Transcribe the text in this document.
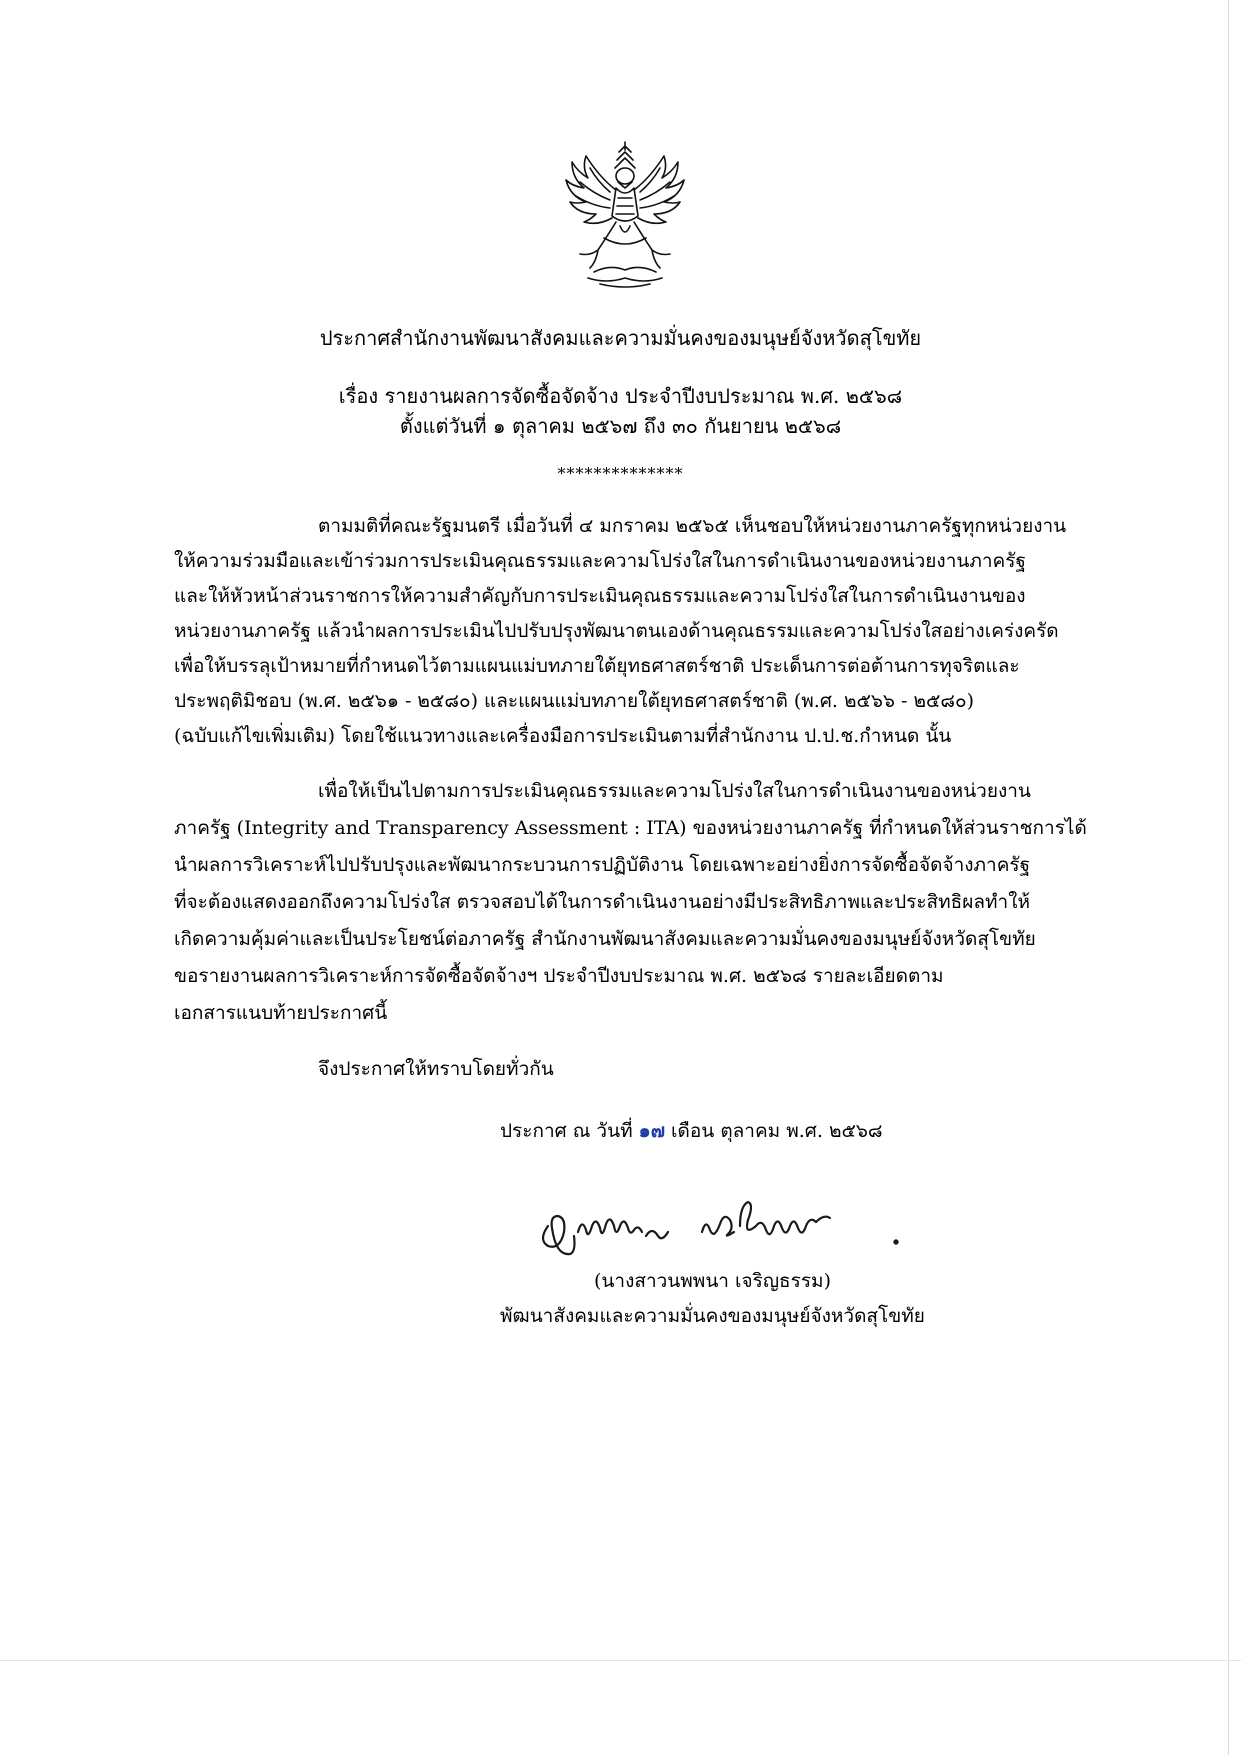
ประกาศสำนักงานพัฒนาสังคมและความมั่นคงของมนุษย์จังหวัดสุโขทัย
เรื่อง รายงานผลการจัดซื้อจัดจ้าง ประจำปีงบประมาณ พ.ศ. ๒๕๖๘
ตั้งแต่วันที่ ๑ ตุลาคม ๒๕๖๗ ถึง ๓๐ กันยายน ๒๕๖๘
**************
ตามมติที่คณะรัฐมนตรี เมื่อวันที่ ๔ มกราคม ๒๕๖๕ เห็นชอบให้หน่วยงานภาครัฐทุกหน่วยงาน
ให้ความร่วมมือและเข้าร่วมการประเมินคุณธรรมและความโปร่งใสในการดำเนินงานของหน่วยงานภาครัฐ
และให้หัวหน้าส่วนราชการให้ความสำคัญกับการประเมินคุณธรรมและความโปร่งใสในการดำเนินงานของ
หน่วยงานภาครัฐ แล้วนำผลการประเมินไปปรับปรุงพัฒนาตนเองด้านคุณธรรมและความโปร่งใสอย่างเคร่งครัด
เพื่อให้บรรลุเป้าหมายที่กำหนดไว้ตามแผนแม่บทภายใต้ยุทธศาสตร์ชาติ ประเด็นการต่อต้านการทุจริตและ
ประพฤติมิชอบ (พ.ศ. ๒๕๖๑ - ๒๕๘๐) และแผนแม่บทภายใต้ยุทธศาสตร์ชาติ (พ.ศ. ๒๕๖๖ - ๒๕๘๐)
(ฉบับแก้ไขเพิ่มเติม) โดยใช้แนวทางและเครื่องมือการประเมินตามที่สำนักงาน ป.ป.ช.กำหนด นั้น
เพื่อให้เป็นไปตามการประเมินคุณธรรมและความโปร่งใสในการดำเนินงานของหน่วยงาน
ภาครัฐ (Integrity and Transparency Assessment : ITA) ของหน่วยงานภาครัฐ ที่กำหนดให้ส่วนราชการได้
นำผลการวิเคราะห์ไปปรับปรุงและพัฒนากระบวนการปฏิบัติงาน โดยเฉพาะอย่างยิ่งการจัดซื้อจัดจ้างภาครัฐ
ที่จะต้องแสดงออกถึงความโปร่งใส ตรวจสอบได้ในการดำเนินงานอย่างมีประสิทธิภาพและประสิทธิผลทำให้
เกิดความคุ้มค่าและเป็นประโยชน์ต่อภาครัฐ สำนักงานพัฒนาสังคมและความมั่นคงของมนุษย์จังหวัดสุโขทัย
ขอรายงานผลการวิเคราะห์การจัดซื้อจัดจ้างฯ ประจำปีงบประมาณ พ.ศ. ๒๕๖๘ รายละเอียดตาม
เอกสารแนบท้ายประกาศนี้
จึงประกาศให้ทราบโดยทั่วกัน
ประกาศ ณ วันที่ ๑๗ เดือน ตุลาคม พ.ศ. ๒๕๖๘
(นางสาวนพพนา เจริญธรรม)
พัฒนาสังคมและความมั่นคงของมนุษย์จังหวัดสุโขทัย
